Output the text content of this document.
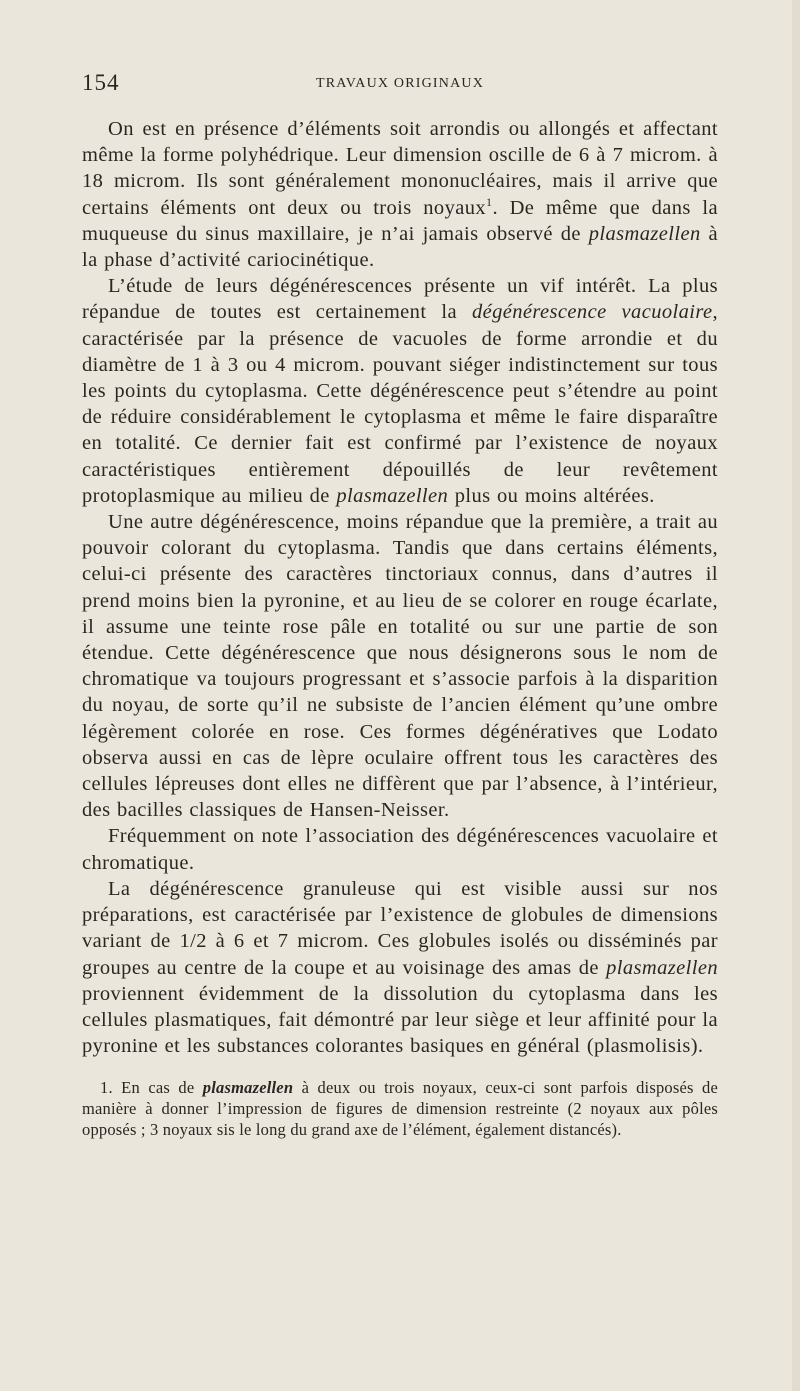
154	TRAVAUX ORIGINAUX

On est en présence d’éléments soit arrondis ou allongés et affectant même la forme polyhédrique. Leur dimension oscille de 6 à 7 microm. à 18 microm. Ils sont généralement mononucléaires, mais il arrive que certains éléments ont deux ou trois noyaux$^1$. De même que dans la muqueuse du sinus maxillaire, je n’ai jamais observé de plasmazellen à la phase d’activité cariocinétique.

L’étude de leurs dégénérescences présente un vif intérêt. La plus répandue de toutes est certainement la dégénérescence vacuolaire, caractérisée par la présence de vacuoles de forme arrondie et du diamètre de 1 à 3 ou 4 microm. pouvant siéger indistinctement sur tous les points du cytoplasma. Cette dégénérescence peut s’étendre au point de réduire considérablement le cytoplasma et même le faire disparaître en totalité. Ce dernier fait est confirmé par l’existence de noyaux caractéristiques entièrement dépouillés de leur revêtement protoplasmique au milieu de plasmazellen plus ou moins altérées.

Une autre dégénérescence, moins répandue que la première, a trait au pouvoir colorant du cytoplasma. Tandis que dans certains éléments, celui-ci présente des caractères tinctoriaux connus, dans d’autres il prend moins bien la pyronine, et au lieu de se colorer en rouge écarlate, il assume une teinte rose pâle en totalité ou sur une partie de son étendue. Cette dégénérescence que nous désignerons sous le nom de chromatique va toujours progressant et s’associe parfois à la disparition du noyau, de sorte qu’il ne subsiste de l’ancien élément qu’une ombre légèrement colorée en rose. Ces formes dégénératives que Lodato observa aussi en cas de lèpre oculaire offrent tous les caractères des cellules lépreuses dont elles ne diffèrent que par l’absence, à l’intérieur, des bacilles classiques de Hansen-Neisser.

Fréquemment on note l’association des dégénérescences vacuolaire et chromatique.

La dégénérescence granuleuse qui est visible aussi sur nos préparations, est caractérisée par l’existence de globules de dimensions variant de 1/2 à 6 et 7 microm. Ces globules isolés ou disséminés par groupes au centre de la coupe et au voisinage des amas de plasmazellen proviennent évidemment de la dissolution du cytoplasma dans les cellules plasmatiques, fait démontré par leur siège et leur affinité pour la pyronine et les substances colorantes basiques en général (plasmolisis).

1. En cas de plasmazellen à deux ou trois noyaux, ceux-ci sont parfois disposés de manière à donner l’impression de figures de dimension restreinte (2 noyaux aux pôles opposés ; 3 noyaux sis le long du grand axe de l’élément, également distancés).
